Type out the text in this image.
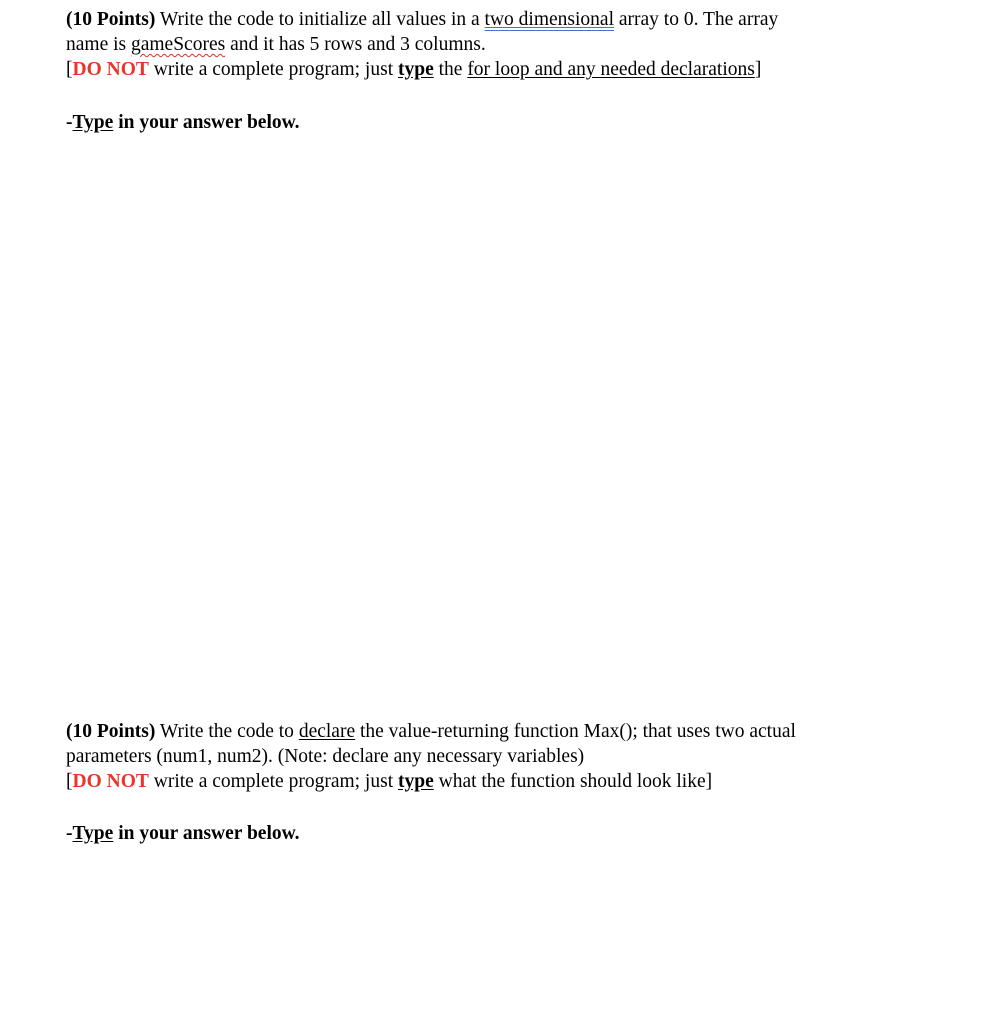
(10 Points) Write the code to initialize all values in a two dimensional array to 0. The array
name is gameScores and it has 5 rows and 3 columns.
[DO NOT write a complete program; just type the for loop and any needed declarations]
-Type in your answer below.
(10 Points) Write the code to declare the value-returning function Max(); that uses two actual
parameters (num1, num2). (Note: declare any necessary variables)
[DO NOT write a complete program; just type what the function should look like]
-Type in your answer below.
